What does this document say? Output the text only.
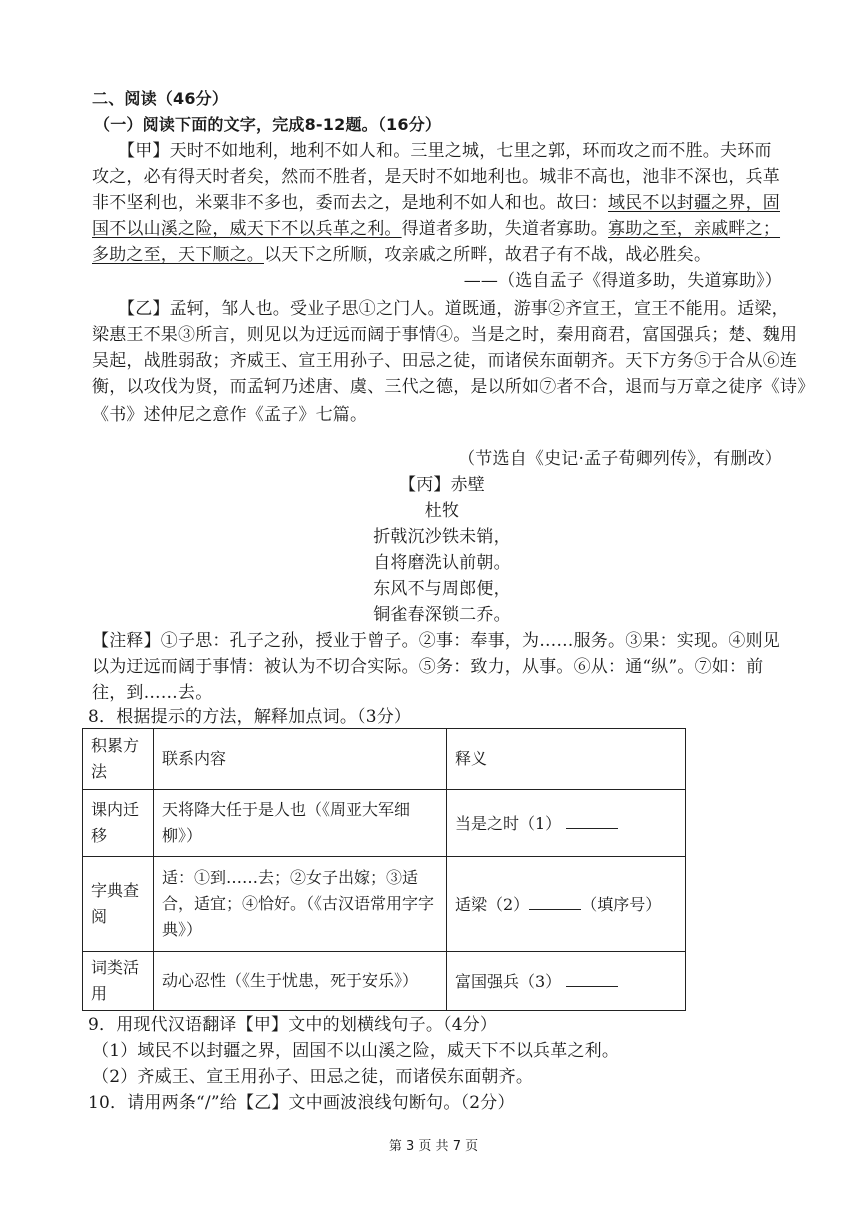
二、阅读（46分）
（一）阅读下面的文字，完成8-12题。（16分）
【甲】天时不如地利，地利不如人和。三里之城，七里之郭，环而攻之而不胜。夫环而
攻之，必有得天时者矣，然而不胜者，是天时不如地利也。城非不高也，池非不深也，兵革
非不坚利也，米粟非不多也，委而去之，是地利不如人和也。故曰：域民不以封疆之界，固
国不以山溪之险，威天下不以兵革之利。得道者多助，失道者寡助。寡助之至，亲戚畔之；
多助之至，天下顺之。以天下之所顺，攻亲戚之所畔，故君子有不战，战必胜矣。
——（选自孟子《得道多助，失道寡助》）
【乙】孟轲，邹人也。受业子思①之门人。道既通，游事②齐宣王，宣王不能用。适梁，
梁惠王不果③所言，则见以为迂远而阔于事情④。当是之时，秦用商君，富国强兵；楚、魏用
吴起，战胜弱敌；齐威王、宣王用孙子、田忌之徒，而诸侯东面朝齐。天下方务⑤于合从⑥连
衡，以攻伐为贤，而孟轲乃述唐、虞、三代之德，是以所如⑦者不合，退而与万章之徒序《诗》
《书》述仲尼之意作《孟子》七篇。
（节选自《史记·孟子荀卿列传》，有删改）
【丙】赤壁
杜牧
折戟沉沙铁未销，
自将磨洗认前朝。
东风不与周郎便，
铜雀春深锁二乔。
【注释】①子思：孔子之孙，授业于曾子。②事：奉事，为……服务。③果：实现。④则见
以为迂远而阔于事情：被认为不切合实际。⑤务：致力，从事。⑥从：通“纵”。⑦如：前
往，到……去。
8．根据提示的方法，解释加点词。（3分）
积累方法	联系内容	释义
课内迁移	天将降大任于是人也（《周亚大军细柳》）	当是之时（1）
字典查阅	适：①到……去；②女子出嫁；③适合，适宜；④恰好。（《古汉语常用字字典》）	适梁（2） （填序号）
词类活用	动心忍性（《生于忧患，死于安乐》）	富国强兵（3）
9．用现代汉语翻译【甲】文中的划横线句子。（4分）
（1）域民不以封疆之界，固国不以山溪之险，威天下不以兵革之利。
（2）齐威王、宣王用孙子、田忌之徒，而诸侯东面朝齐。
10．请用两条“/”给【乙】文中画波浪线句断句。（2分）
第 3 页 共 7 页
